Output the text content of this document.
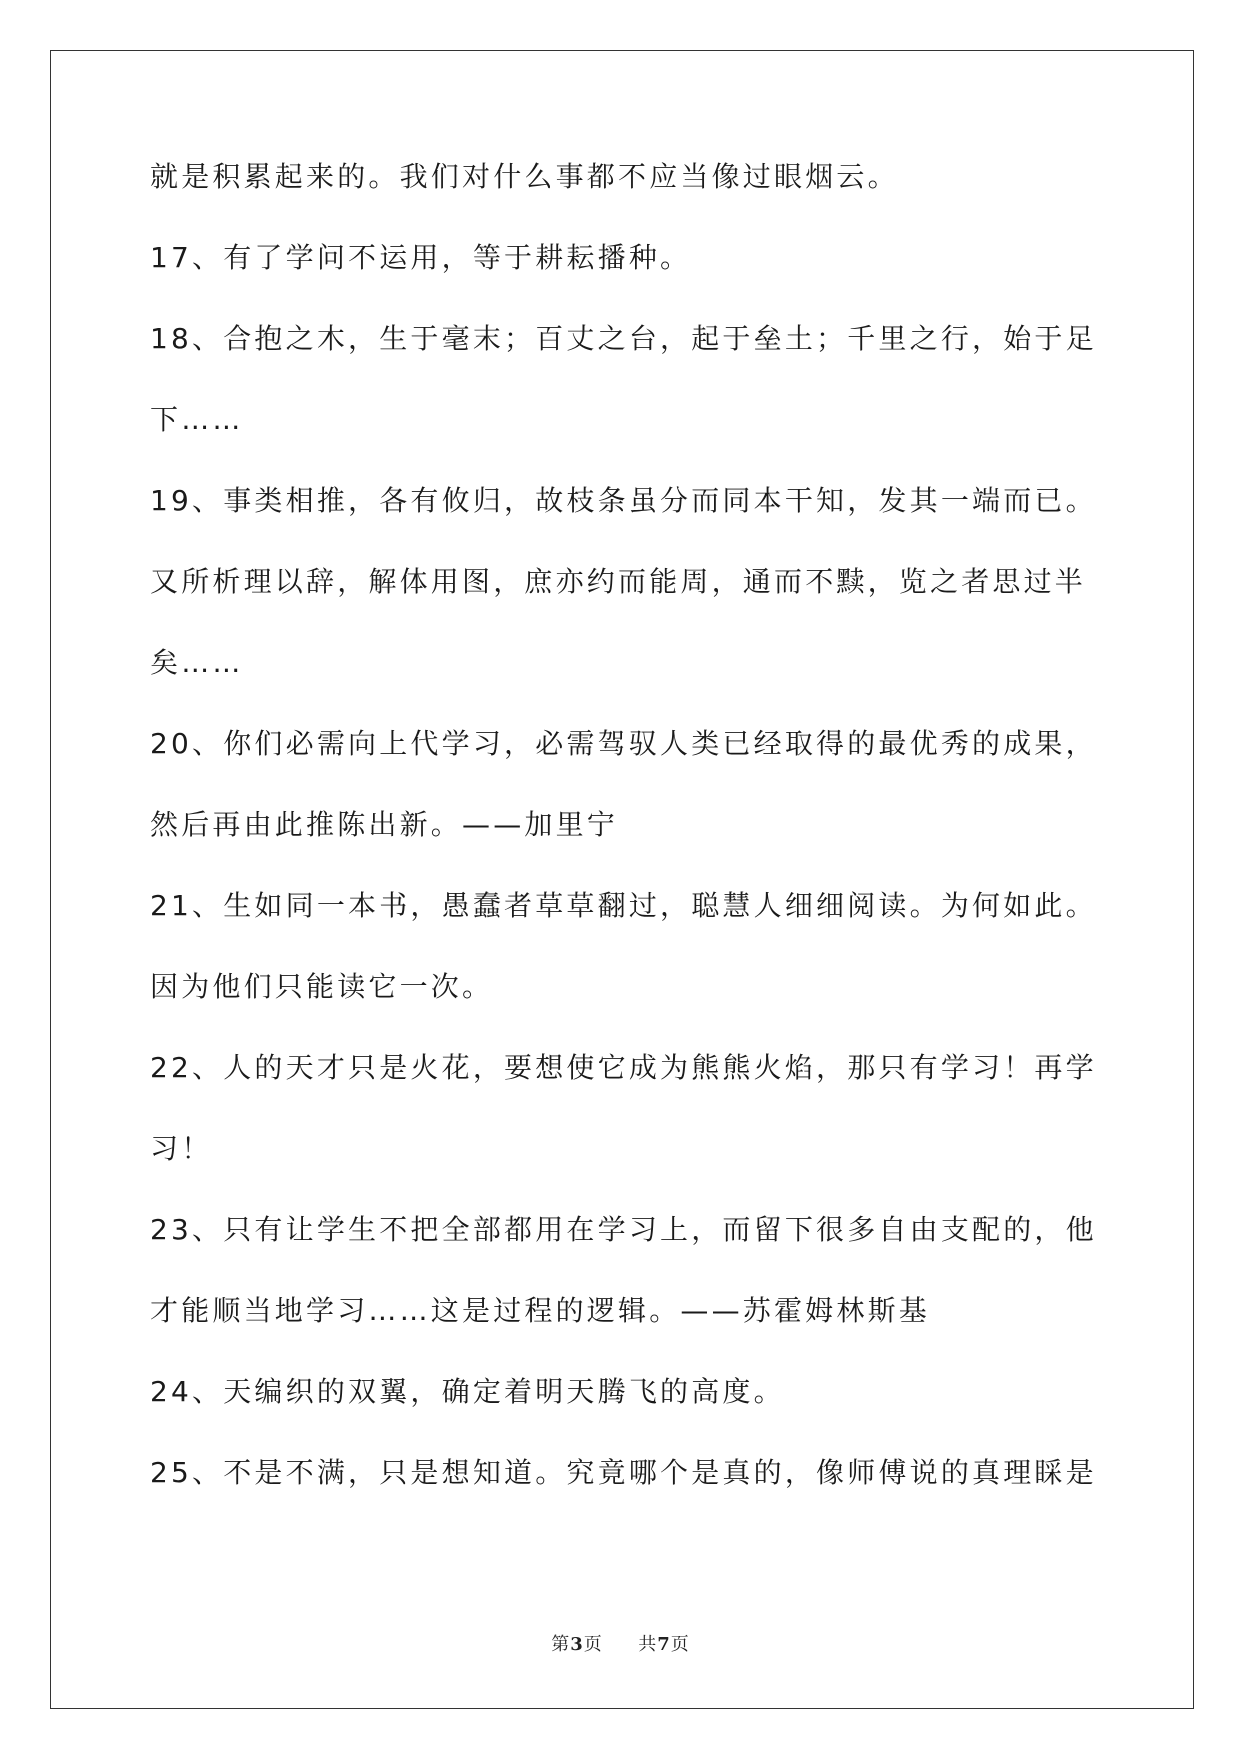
就是积累起来的。我们对什么事都不应当像过眼烟云。
17、有了学问不运用，等于耕耘播种。
18、合抱之木，生于毫末；百丈之台，起于垒土；千里之行，始于足
下……
19、事类相推，各有攸归，故枝条虽分而同本干知，发其一端而已。
又所析理以辞，解体用图，庶亦约而能周，通而不黩，览之者思过半
矣……
20、你们必需向上代学习，必需驾驭人类已经取得的最优秀的成果，
然后再由此推陈出新。——加里宁
21、生如同一本书，愚蠢者草草翻过，聪慧人细细阅读。为何如此。
因为他们只能读它一次。
22、人的天才只是火花，要想使它成为熊熊火焰，那只有学习！再学
习！
23、只有让学生不把全部都用在学习上，而留下很多自由支配的，他
才能顺当地学习……这是过程的逻辑。——苏霍姆林斯基
24、天编织的双翼，确定着明天腾飞的高度。
25、不是不满，只是想知道。究竟哪个是真的，像师傅说的真理睬是
第3页 共7页
